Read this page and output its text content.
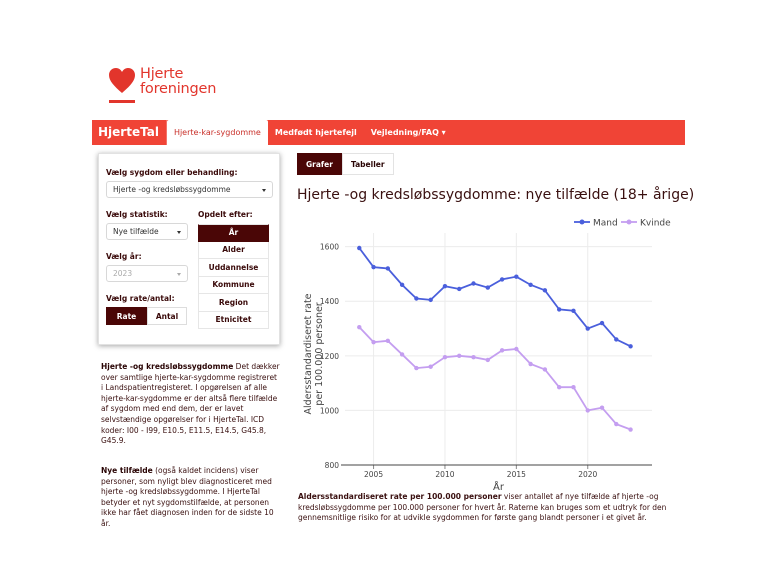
Hjerte
foreningen
HjerteTal	Hjerte-kar-sygdomme	Medfødt hjertefejl	Vejledning/FAQ ▾
Vælg sygdom eller behandling:
Hjerte -og kredsløbssygdomme
Vælg statistik:	Opdelt efter:
Nye tilfælde
Vælg år:
2023
Vælg rate/antal:
Rate	Antal
År
Alder
Uddannelse
Kommune
Region
Etnicitet
Hjerte -og kredsløbssygdomme Det dækker over samtlige hjerte-kar-sygdomme registreret i Landspatientregisteret. I opgørelsen af alle hjerte-kar-sygdomme er der altså flere tilfælde af sygdom med end dem, der er lavet selvstændige opgørelser for i HjerteTal. ICD koder: I00 - I99, E10.5, E11.5, E14.5, G45.8, G45.9.
Nye tilfælde (også kaldet incidens) viser personer, som nyligt blev diagnosticeret med hjerte -og kredsløbssygdomme. I HjerteTal betyder et nyt sygdomstilfælde, at personen ikke har fået diagnosen inden for de sidste 10 år.
Grafer	Tabeller
Hjerte -og kredsløbssygdomme: nye tilfælde (18+ årige)
800
1000
1200
1400
1600
2005	2010	2015	2020
År
Aldersstandardiseret rateper 100.000 personer
Mand Kvinde
Aldersstandardiseret rate per 100.000 personer viser antallet af nye tilfælde af hjerte -og kredsløbssygdomme per 100.000 personer for hvert år. Raterne kan bruges som et udtryk for den gennemsnitlige risiko for at udvikle sygdommen for første gang blandt personer i et givet år.
